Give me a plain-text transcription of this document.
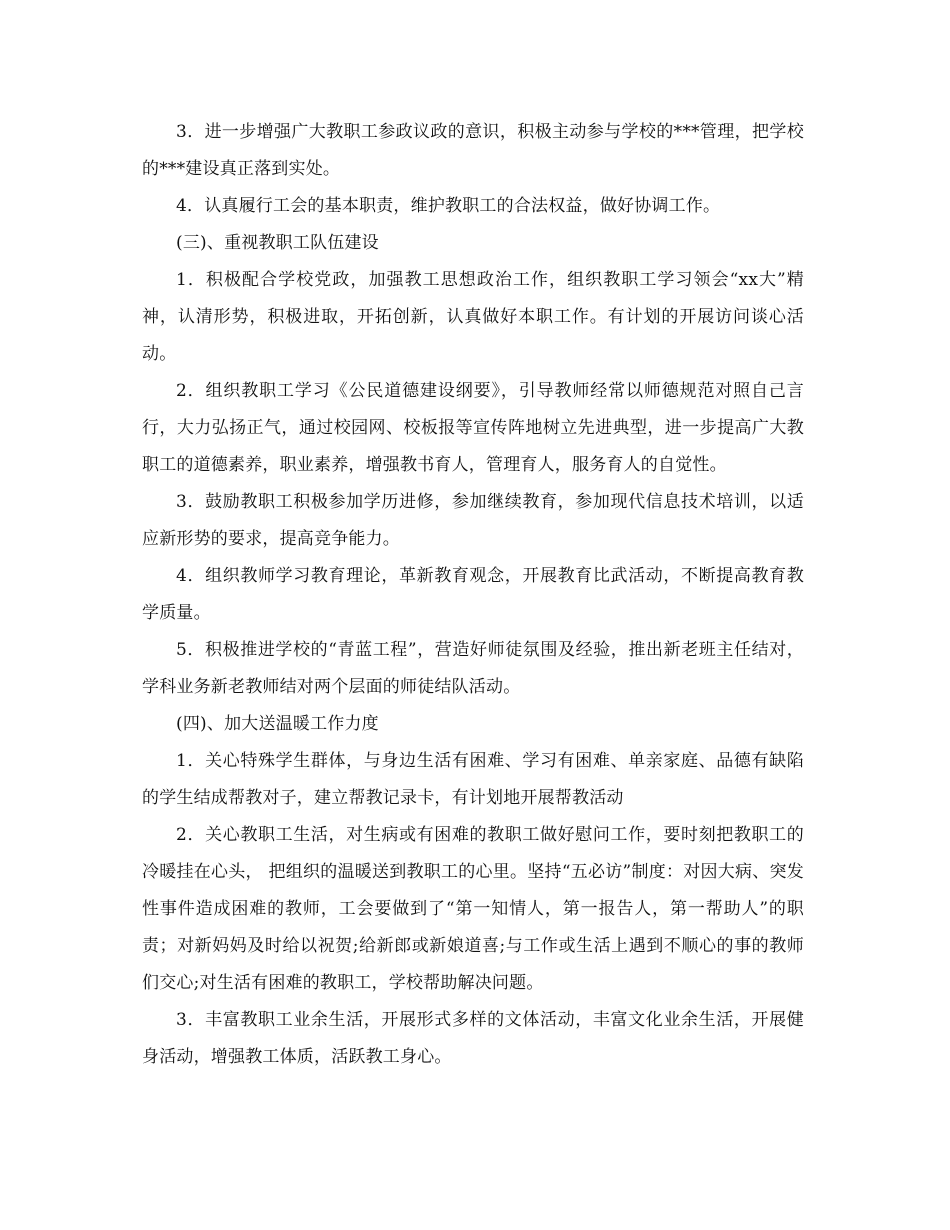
3．进一步增强广大教职工参政议政的意识，积极主动参与学校的***管理，把学校的***建设真正落到实处。

4．认真履行工会的基本职责，维护教职工的合法权益，做好协调工作。

(三)、重视教职工队伍建设

1．积极配合学校党政，加强教工思想政治工作，组织教职工学习领会“xx大”精神，认清形势，积极进取，开拓创新，认真做好本职工作。有计划的开展访问谈心活动。

2．组织教职工学习《公民道德建设纲要》，引导教师经常以师德规范对照自己言行，大力弘扬正气，通过校园网、校板报等宣传阵地树立先进典型，进一步提高广大教职工的道德素养，职业素养，增强教书育人，管理育人，服务育人的自觉性。

3．鼓励教职工积极参加学历进修，参加继续教育，参加现代信息技术培训，以适应新形势的要求，提高竞争能力。

4．组织教师学习教育理论，革新教育观念，开展教育比武活动，不断提高教育教学质量。

5．积极推进学校的“青蓝工程”，营造好师徒氛围及经验，推出新老班主任结对，学科业务新老教师结对两个层面的师徒结队活动。

(四)、加大送温暖工作力度

1．关心特殊学生群体，与身边生活有困难、学习有困难、单亲家庭、品德有缺陷的学生结成帮教对子，建立帮教记录卡，有计划地开展帮教活动

2．关心教职工生活，对生病或有困难的教职工做好慰问工作，要时刻把教职工的冷暖挂在心头， 把组织的温暖送到教职工的心里。坚持“五必访”制度：对因大病、突发性事件造成困难的教师，工会要做到了“第一知情人，第一报告人，第一帮助人”的职责；对新妈妈及时给以祝贺;给新郎或新娘道喜;与工作或生活上遇到不顺心的事的教师们交心;对生活有困难的教职工，学校帮助解决问题。

3．丰富教职工业余生活，开展形式多样的文体活动，丰富文化业余生活，开展健身活动，增强教工体质，活跃教工身心。
